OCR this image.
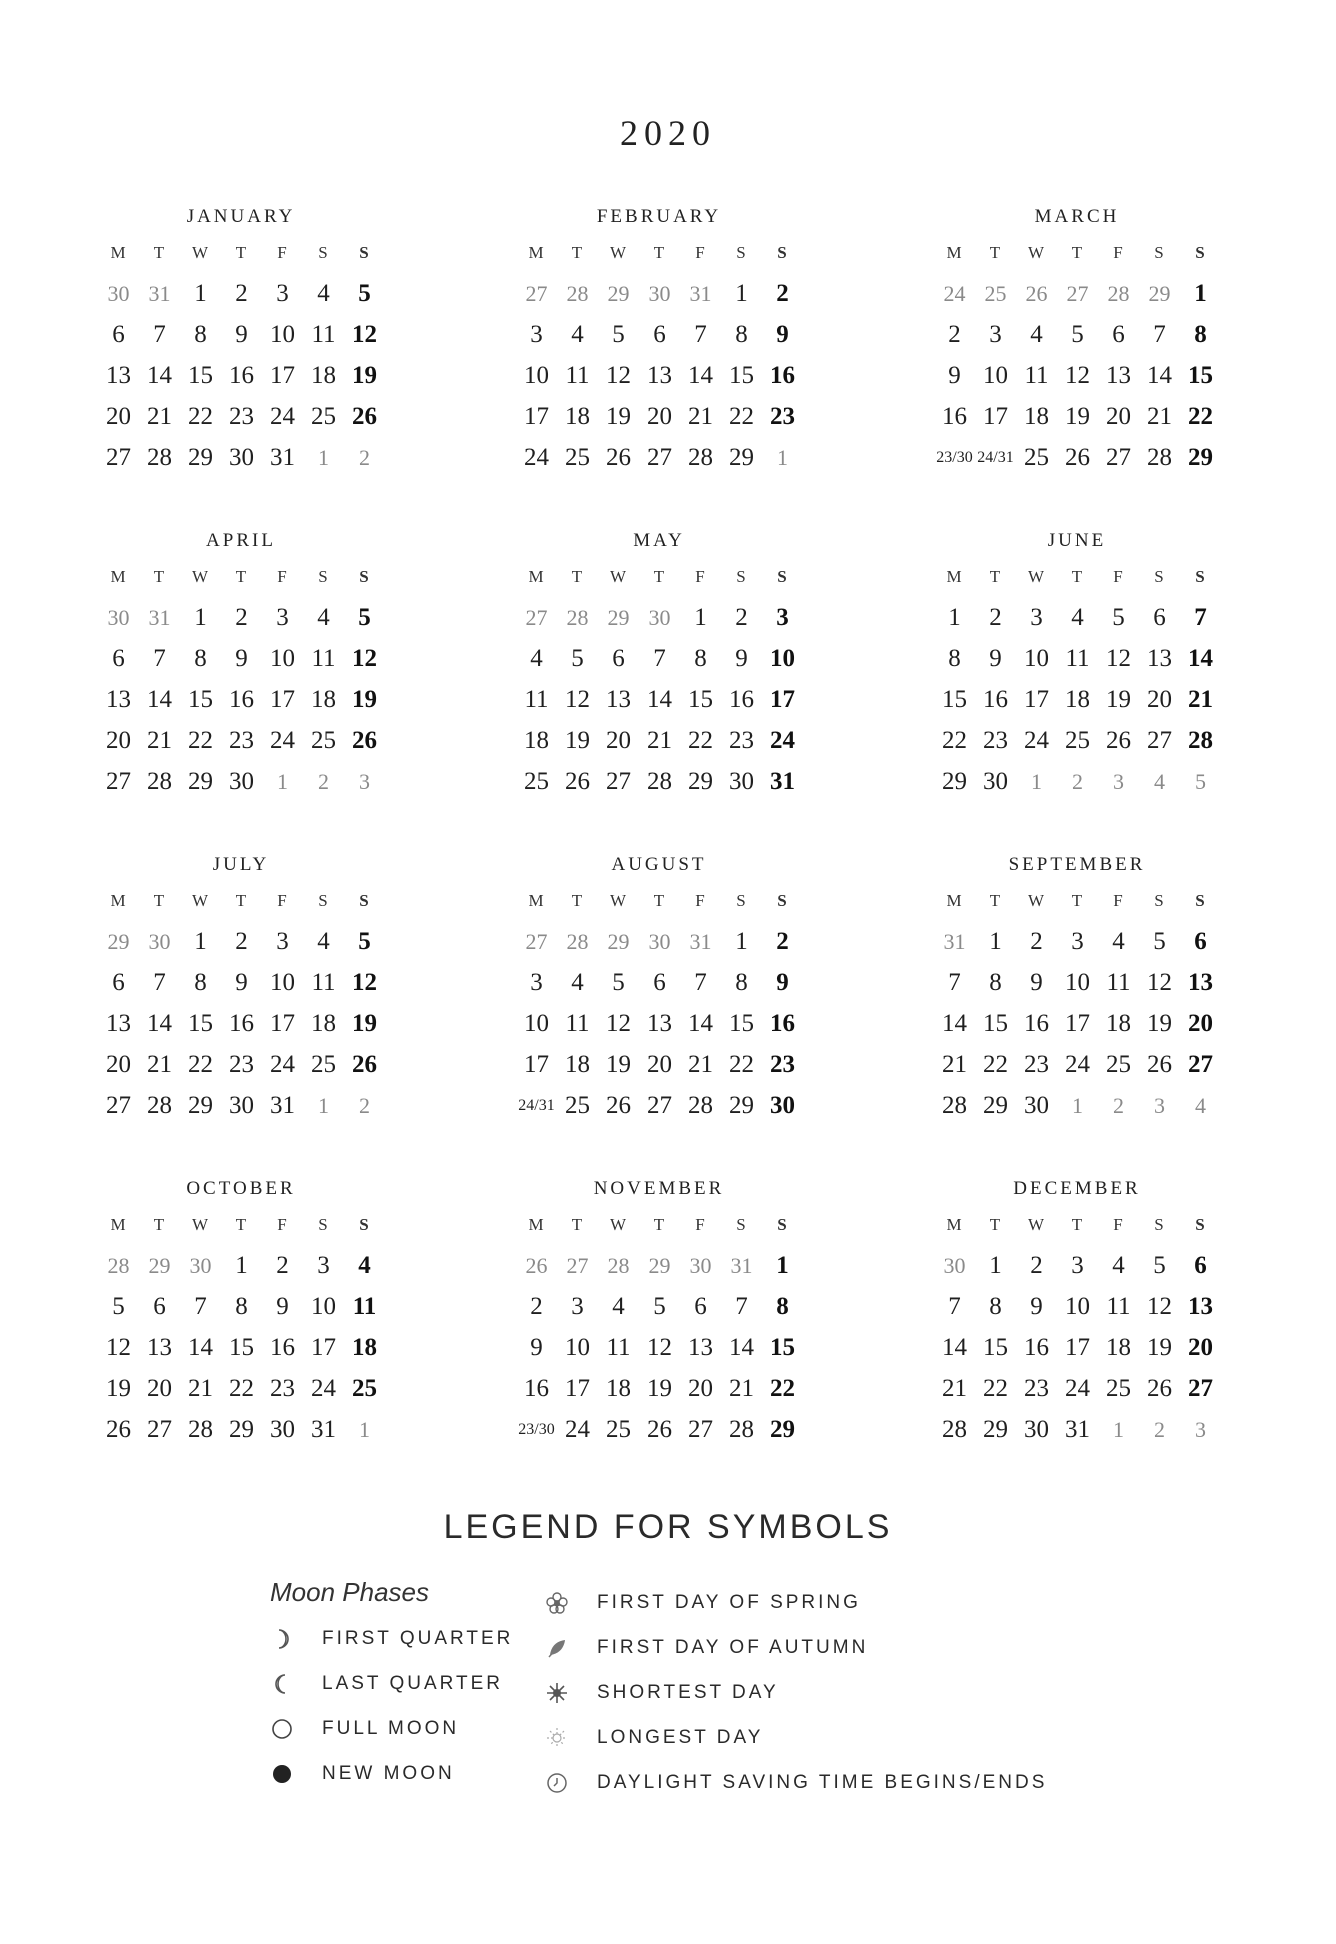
2020
JANUARY
M	T	W	T	F	S	S
30 31 1	2	3	4	5
6	7	8	9 10 11 12
13 14 15 16 17 18 19
20 21 22 23 24 25 26
27 28 29 30 31	1	2
FEBRUARY
M	T	W	T	F	S	S
27 28 29 30 31 1	2
3	4	5	6	7	8	9
10 11 12 13 14 15 16
17 18 19 20 21 22 23
24 25 26 27 28 29	1
MARCH
M	T	W	T	F	S	S
24 25 26 27 28 29 1
2	3	4	5	6	7	8
9 10 11 12 13 14 15
16 17 18 19 20 21 22
23/30 24/31 25 26 27 28 29
APRIL
M	T	W	T	F	S	S
30 31 1	2	3	4	5
6	7	8	9 10 11 12
13 14 15 16 17 18 19
20 21 22 23 24 25 26
27 28 29 30	1	2	3
MAY
M	T	W	T	F	S	S
27 28 29 30 1	2	3
4	5	6	7	8	9 10
11 12 13 14 15 16 17
18 19 20 21 22 23 24
25 26 27 28 29 30 31
JUNE
M	T	W	T	F	S	S
1	2	3	4	5	6	7
8	9 10 11 12 13 14
15 16 17 18 19 20 21
22 23 24 25 26 27 28
29 30	1	2	3	4	5
JULY
M	T	W	T	F	S	S
29 30 1	2	3	4	5
6	7	8	9 10 11 12
13 14 15 16 17 18 19
20 21 22 23 24 25 26
27 28 29 30 31	1	2
AUGUST
M	T	W	T	F	S	S
27 28 29 30 31 1	2
3	4	5	6	7	8	9
10 11 12 13 14 15 16
17 18 19 20 21 22 23
24/31 25 26 27 28 29 30
SEPTEMBER
M	T	W	T	F	S	S
31 1	2	3	4	5	6
7	8	9 10 11 12 13
14 15 16 17 18 19 20
21 22 23 24 25 26 27
28 29 30	1	2	3	4
OCTOBER
M	T	W	T	F	S	S
28 29 30 1	2	3	4
5	6	7	8	9 10 11
12 13 14 15 16 17 18
19 20 21 22 23 24 25
26 27 28 29 30 31	1
NOVEMBER
M	T	W	T	F	S	S
26 27 28 29 30 31 1
2	3	4	5	6	7	8
9 10 11 12 13 14 15
16 17 18 19 20 21 22
23/30 24 25 26 27 28 29
DECEMBER
M	T	W	T	F	S	S
30 1	2	3	4	5	6
7	8	9 10 11 12 13
14 15 16 17 18 19 20
21 22 23 24 25 26 27
28 29 30 31	1	2	3
LEGEND FOR SYMBOLS
Moon Phases
FIRST QUARTER
LAST QUARTER
FULL MOON
NEW MOON
FIRST DAY OF SPRING
FIRST DAY OF AUTUMN
SHORTEST DAY
LONGEST DAY
DAYLIGHT SAVING TIME BEGINS/ENDS
